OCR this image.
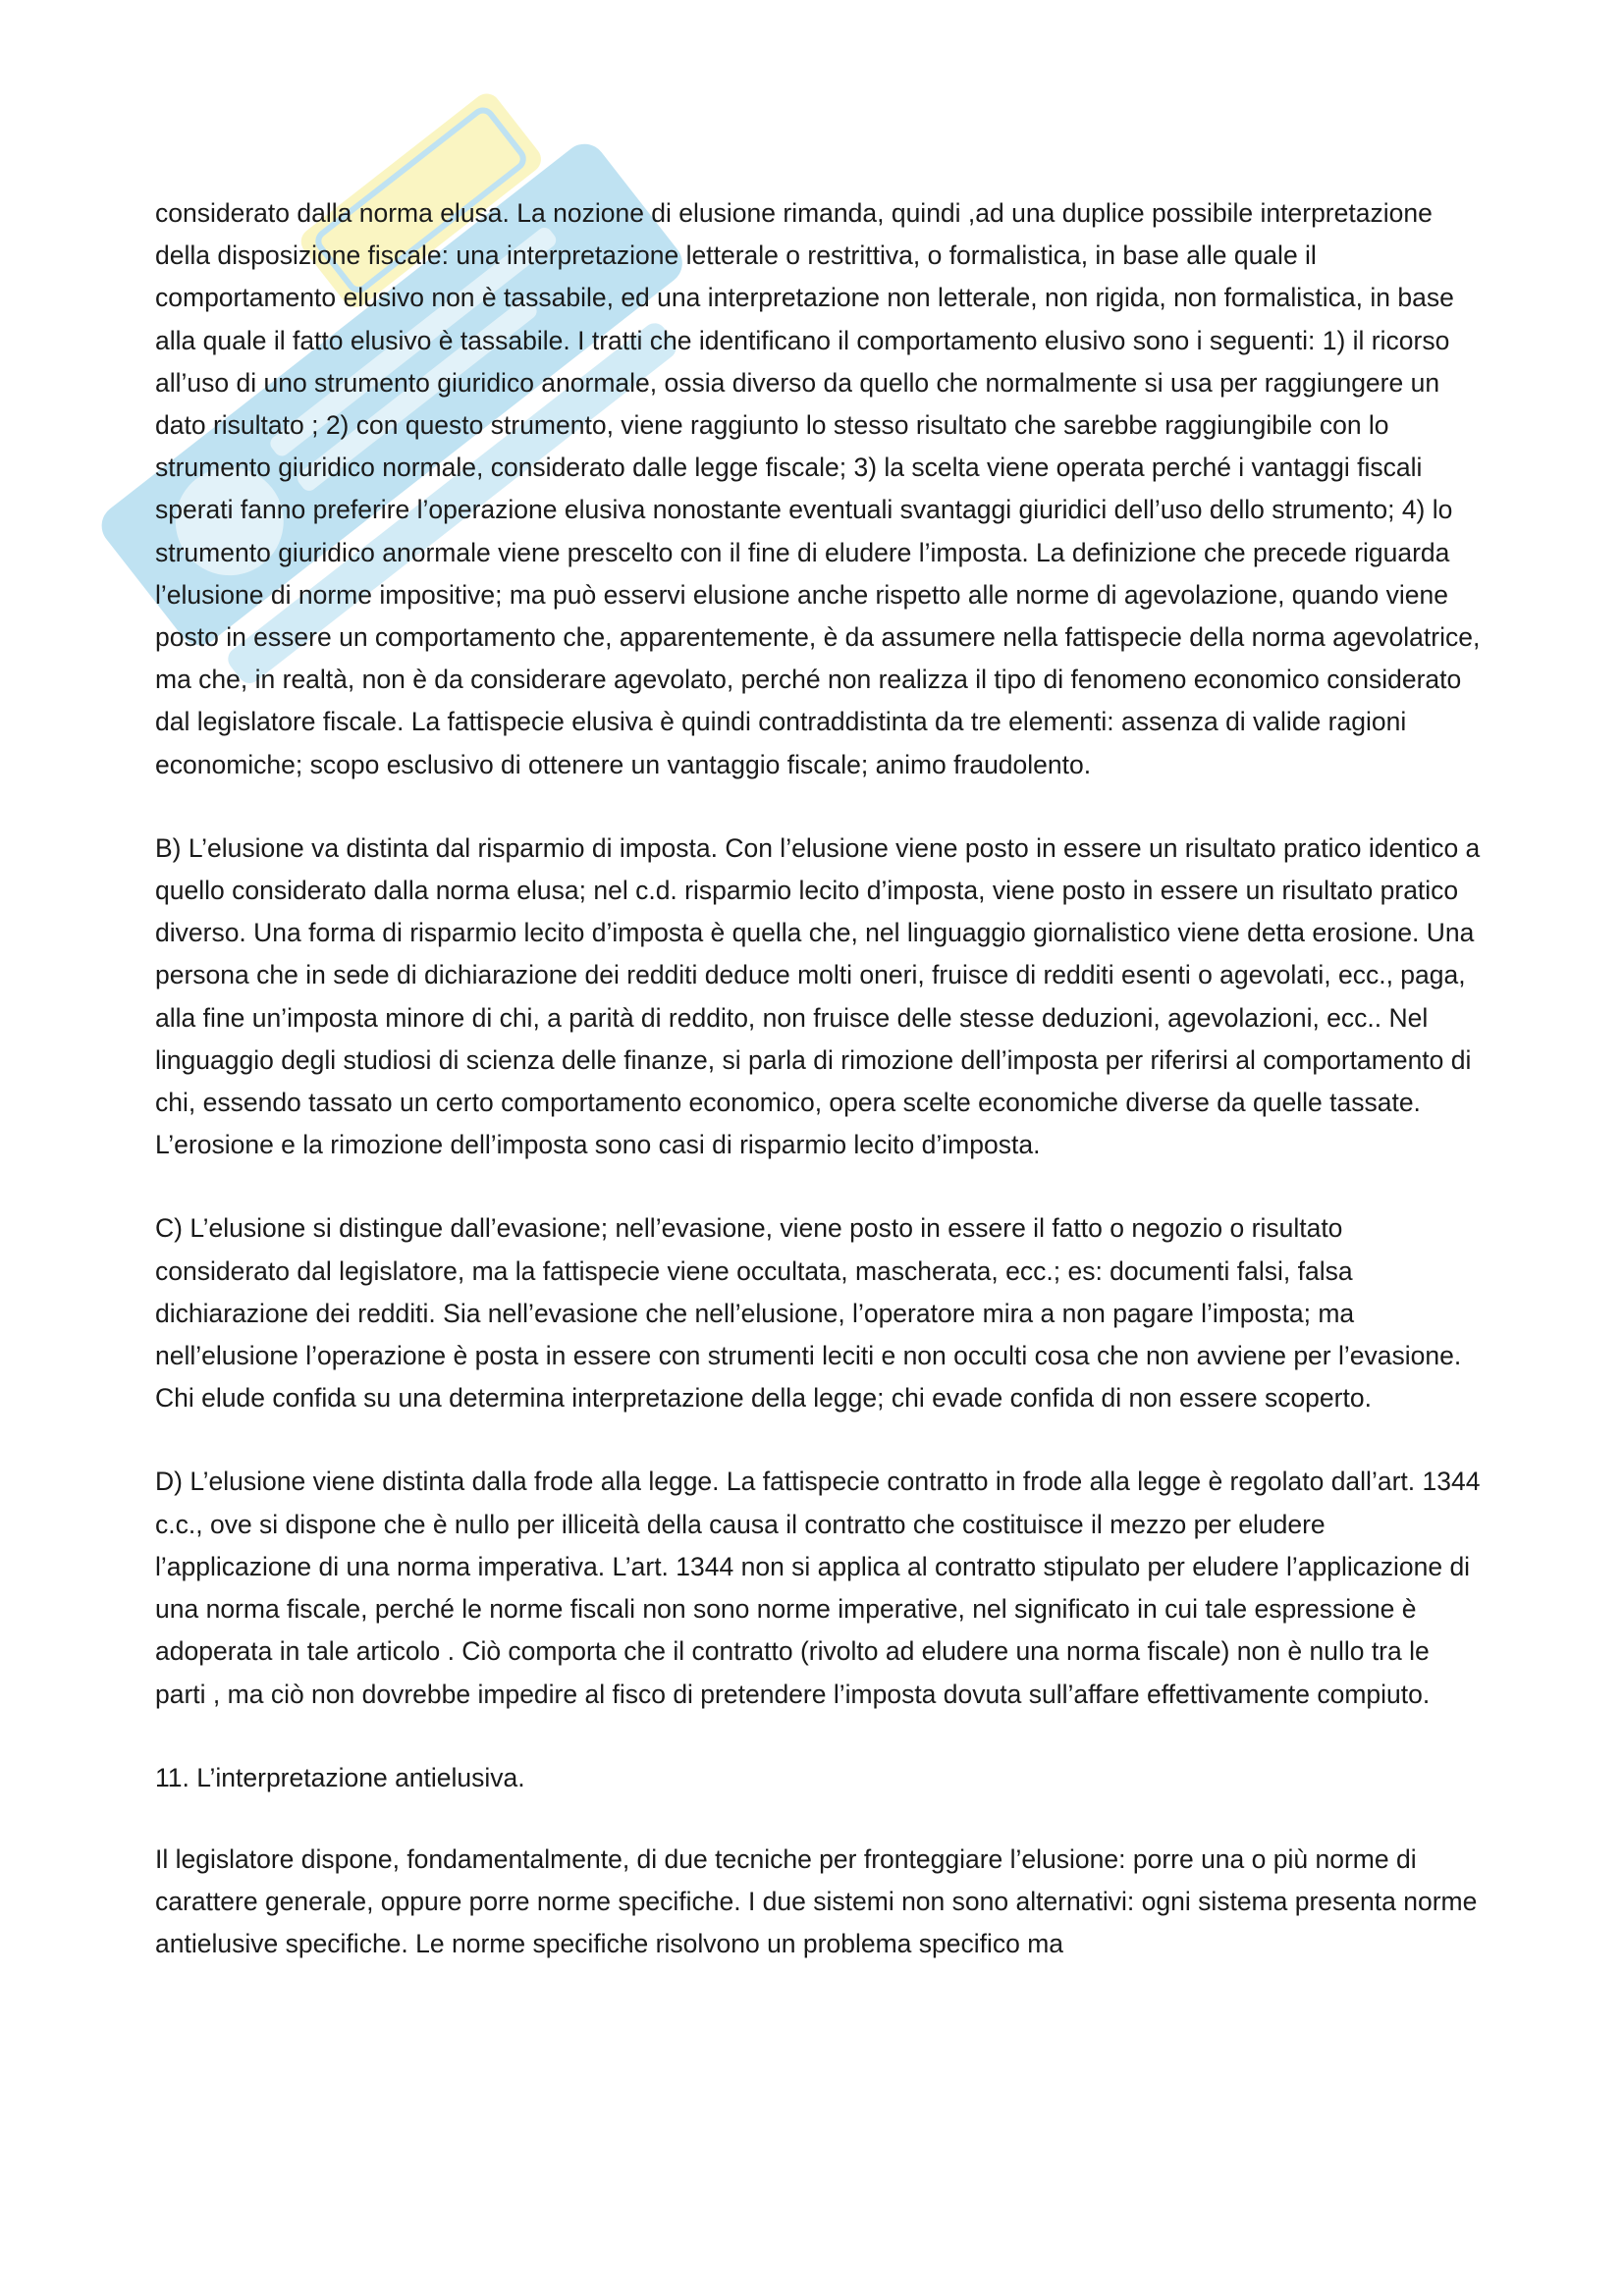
considerato dalla norma elusa. La nozione di elusione rimanda, quindi ,ad una duplice possibile interpretazione della disposizione fiscale: una interpretazione letterale o restrittiva, o formalistica, in base alle quale il comportamento elusivo non è tassabile, ed una interpretazione non letterale, non rigida, non formalistica, in base alla quale il fatto elusivo è tassabile. I tratti che identificano il comportamento elusivo sono i seguenti: 1) il ricorso all’uso di uno strumento giuridico anormale, ossia diverso da quello che normalmente si usa per raggiungere un dato risultato ; 2) con questo strumento, viene raggiunto lo stesso risultato che sarebbe raggiungibile con lo strumento giuridico normale, considerato dalle legge fiscale; 3) la scelta viene operata perché i vantaggi fiscali sperati fanno preferire l’operazione elusiva nonostante eventuali svantaggi giuridici dell’uso dello strumento; 4) lo strumento giuridico anormale viene prescelto con il fine di eludere l’imposta. La definizione che precede riguarda l’elusione di norme impositive; ma può esservi elusione anche rispetto alle norme di agevolazione, quando viene posto in essere un comportamento che, apparentemente, è da assumere nella fattispecie della norma agevolatrice, ma che, in realtà, non è da considerare agevolato, perché non realizza il tipo di fenomeno economico considerato dal legislatore fiscale. La fattispecie elusiva è quindi contraddistinta da tre elementi: assenza di valide ragioni economiche; scopo esclusivo di ottenere un vantaggio fiscale; animo fraudolento.

B) L’elusione va distinta dal risparmio di imposta. Con l’elusione viene posto in essere un risultato pratico identico a quello considerato dalla norma elusa; nel c.d. risparmio lecito d’imposta, viene posto in essere un risultato pratico diverso. Una forma di risparmio lecito d’imposta è quella che, nel linguaggio giornalistico viene detta erosione. Una persona che in sede di dichiarazione dei redditi deduce molti oneri, fruisce di redditi esenti o agevolati, ecc., paga, alla fine un’imposta minore di chi, a parità di reddito, non fruisce delle stesse deduzioni, agevolazioni, ecc.. Nel linguaggio degli studiosi di scienza delle finanze, si parla di rimozione dell’imposta per riferirsi al comportamento di chi, essendo tassato un certo comportamento economico, opera scelte economiche diverse da quelle tassate. L’erosione e la rimozione dell’imposta sono casi di risparmio lecito d’imposta.

C) L’elusione si distingue dall’evasione; nell’evasione, viene posto in essere il fatto o negozio o risultato considerato dal legislatore, ma la fattispecie viene occultata, mascherata, ecc.; es: documenti falsi, falsa dichiarazione dei redditi. Sia nell’evasione che nell’elusione, l’operatore mira a non pagare l’imposta; ma nell’elusione l’operazione è posta in essere con strumenti leciti e non occulti cosa che non avviene per l’evasione. Chi elude confida su una determina interpretazione della legge; chi evade confida di non essere scoperto.

D) L’elusione viene distinta dalla frode alla legge. La fattispecie contratto in frode alla legge è regolato dall’art. 1344 c.c., ove si dispone che è nullo per illiceità della causa il contratto che costituisce il mezzo per eludere l’applicazione di una norma imperativa. L’art. 1344 non si applica al contratto stipulato per eludere l’applicazione di una norma fiscale, perché le norme fiscali non sono norme imperative, nel significato in cui tale espressione è adoperata in tale articolo . Ciò comporta che il contratto (rivolto ad eludere una norma fiscale) non è nullo tra le parti , ma ciò non dovrebbe impedire al fisco di pretendere l’imposta dovuta sull’affare effettivamente compiuto.

11. L’interpretazione antielusiva.

Il legislatore dispone, fondamentalmente, di due tecniche per fronteggiare l’elusione: porre una o più norme di carattere generale, oppure porre norme specifiche. I due sistemi non sono alternativi: ogni sistema presenta norme antielusive specifiche. Le norme specifiche risolvono un problema specifico ma
